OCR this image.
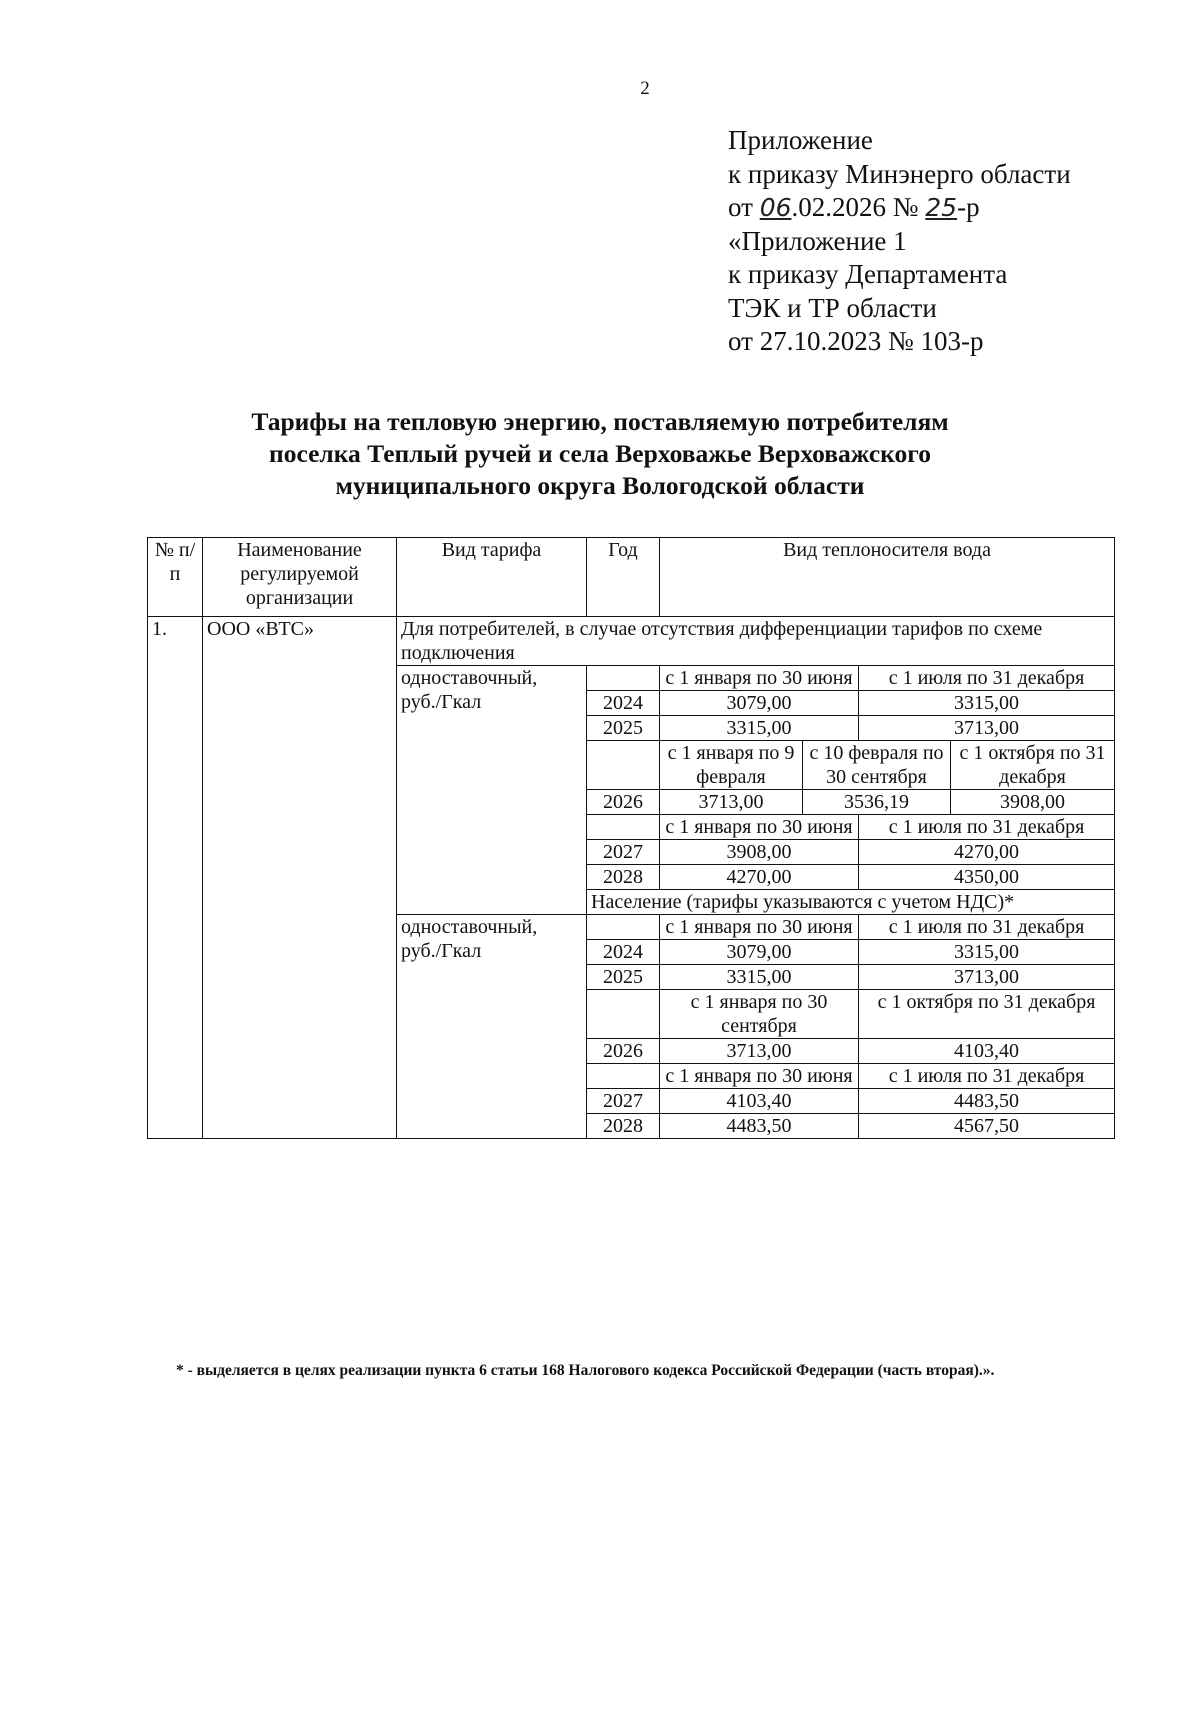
2
Приложение
к приказу Минэнерго области
от 06.02.2026 № 25-р
«Приложение 1
к приказу Департамента
ТЭК и ТР области
от 27.10.2023 № 103-р
Тарифы на тепловую энергию, поставляемую потребителям
поселка Теплый ручей и села Верховажье Верховажского
муниципального округа Вологодской области
№ п/п	Наименование регулируемой организации	Вид тарифа	Год	Вид теплоносителя вода			
1.	ООО «ВТС»	Для потребителей, в случае отсутствия дифференциации тарифов по схеме подключения					
		одноставочный, руб./Гкал		с 1 января по 30 июня		с 1 июля по 31 декабря	
			2024	3079,00		3315,00	
			2025	3315,00		3713,00	
				с 1 января по 9 февраля	с 10 февраля по 30 сентября		с 1 октября по 31 декабря
			2026	3713,00	3536,19		3908,00
				с 1 января по 30 июня		с 1 июля по 31 декабря	
			2027	3908,00		4270,00	
			2028	4270,00		4350,00	
			Население (тарифы указываются с учетом НДС)*				
		одноставочный, руб./Гкал		с 1 января по 30 июня		с 1 июля по 31 декабря	
			2024	3079,00		3315,00	
			2025	3315,00		3713,00	
				с 1 января по 30 сентября		с 1 октября по 31 декабря	
			2026	3713,00		4103,40	
				с 1 января по 30 июня		с 1 июля по 31 декабря	
			2027	4103,40		4483,50	
			2028	4483,50		4567,50	
* - выделяется в целях реализации пункта 6 статьи 168 Налогового кодекса Российской Федерации (часть вторая).».
